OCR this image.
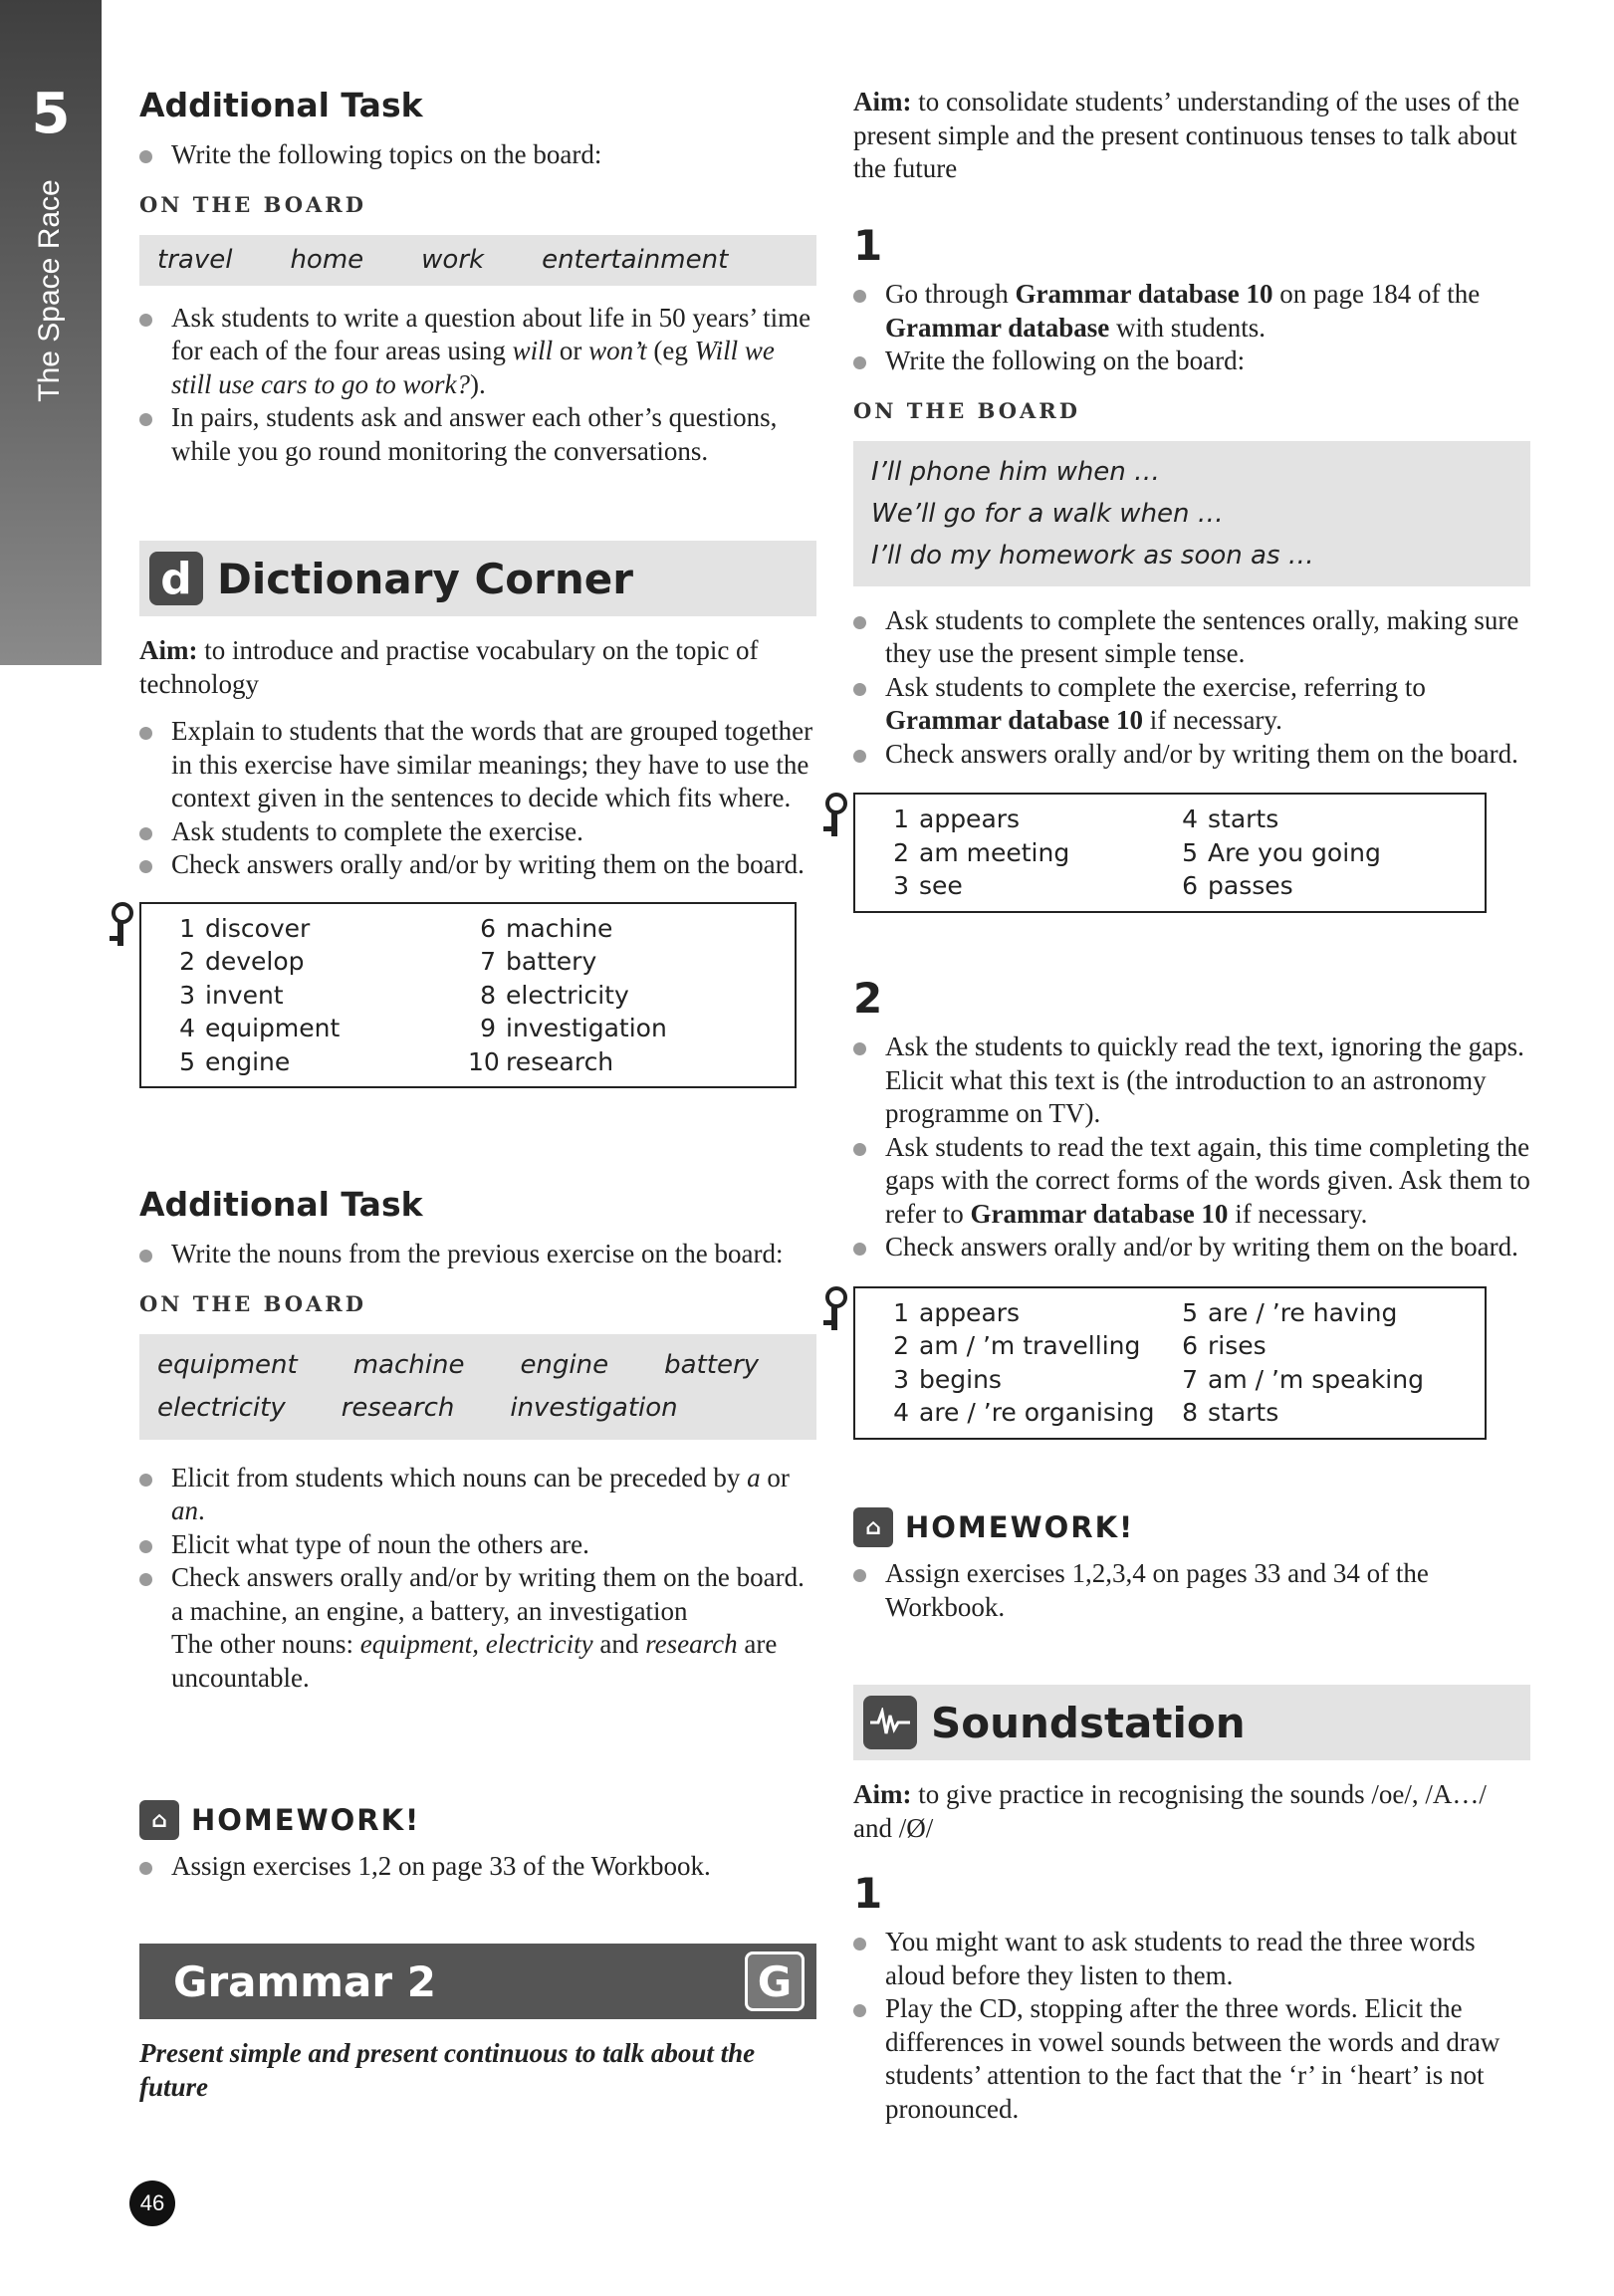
5
The Space Race

Additional Task

Write the following topics on the board:

ON THE BOARD
travel home work entertainment

Ask students to write a question about life in 50 years’ time for each of the four areas using will or won’t (eg Will we still use cars to go to work?).

In pairs, students ask and answer each other’s questions, while you go round monitoring the conversations.

d Dictionary Corner

Aim: to introduce and practise vocabulary on the topic of technology

Explain to students that the words that are grouped together in this exercise have similar meanings; they have to use the context given in the sentences to decide which fits where.

Ask students to complete the exercise.

Check answers orally and/or by writing them on the board.

1 discover	6 machine
2 develop	7 battery
3 invent	8 electricity
4 equipment	9 investigation
5 engine	10 research

Additional Task

Write the nouns from the previous exercise on the board:

ON THE BOARD
equipment machine engine battery
electricity research investigation

Elicit from students which nouns can be preceded by a or an.

Elicit what type of noun the others are.

Check answers orally and/or by writing them on the board.

a machine, an engine, a battery, an investigation

The other nouns: equipment, electricity and research are uncountable.

⌂ HOMEWORK!

Assign exercises 1,2 on page 33 of the Workbook.

Grammar 2	G

Present simple and present continuous to talk about the future

Aim: to consolidate students’ understanding of the uses of the present simple and the present continuous tenses to talk about the future

1

Go through Grammar database 10 on page 184 of the Grammar database with students.

Write the following on the board:

ON THE BOARD
I’ll phone him when …
We’ll go for a walk when …
I’ll do my homework as soon as …

Ask students to complete the sentences orally, making sure they use the present simple tense.

Ask students to complete the exercise, referring to Grammar database 10 if necessary.

Check answers orally and/or by writing them on the board.

1 appears	4 starts
2 am meeting	5 Are you going
3 see	6 passes
2

Ask the students to quickly read the text, ignoring the gaps. Elicit what this text is (the introduction to an astronomy programme on TV).

Ask students to read the text again, this time completing the gaps with the correct forms of the words given. Ask them to refer to Grammar database 10 if necessary.

Check answers orally and/or by writing them on the board.

1 appears	5 are / ’re having
2 am / ’m travelling	6 rises
3 begins	7 am / ’m speaking
4 are / ’re organising	8 starts
⌂ HOMEWORK!

Assign exercises 1,2,3,4 on pages 33 and 34 of the Workbook.

Soundstation

Aim: to give practice in recognising the sounds /oe/, /A…/ and /Ø/

1

You might want to ask students to read the three words aloud before they listen to them.

Play the CD, stopping after the three words. Elicit the differences in vowel sounds between the words and draw students’ attention to the fact that the ‘r’ in ‘heart’ is not pronounced.

46
